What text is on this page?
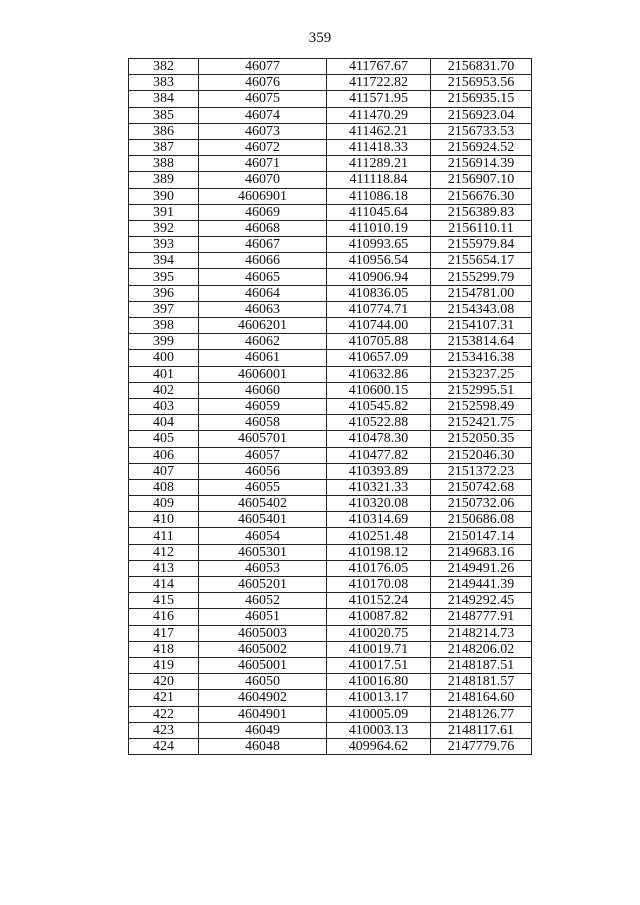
359
382	46077	411767.67	2156831.70
383	46076	411722.82	2156953.56
384	46075	411571.95	2156935.15
385	46074	411470.29	2156923.04
386	46073	411462.21	2156733.53
387	46072	411418.33	2156924.52
388	46071	411289.21	2156914.39
389	46070	411118.84	2156907.10
390	4606901	411086.18	2156676.30
391	46069	411045.64	2156389.83
392	46068	411010.19	2156110.11
393	46067	410993.65	2155979.84
394	46066	410956.54	2155654.17
395	46065	410906.94	2155299.79
396	46064	410836.05	2154781.00
397	46063	410774.71	2154343.08
398	4606201	410744.00	2154107.31
399	46062	410705.88	2153814.64
400	46061	410657.09	2153416.38
401	4606001	410632.86	2153237.25
402	46060	410600.15	2152995.51
403	46059	410545.82	2152598.49
404	46058	410522.88	2152421.75
405	4605701	410478.30	2152050.35
406	46057	410477.82	2152046.30
407	46056	410393.89	2151372.23
408	46055	410321.33	2150742.68
409	4605402	410320.08	2150732.06
410	4605401	410314.69	2150686.08
411	46054	410251.48	2150147.14
412	4605301	410198.12	2149683.16
413	46053	410176.05	2149491.26
414	4605201	410170.08	2149441.39
415	46052	410152.24	2149292.45
416	46051	410087.82	2148777.91
417	4605003	410020.75	2148214.73
418	4605002	410019.71	2148206.02
419	4605001	410017.51	2148187.51
420	46050	410016.80	2148181.57
421	4604902	410013.17	2148164.60
422	4604901	410005.09	2148126.77
423	46049	410003.13	2148117.61
424	46048	409964.62	2147779.76
